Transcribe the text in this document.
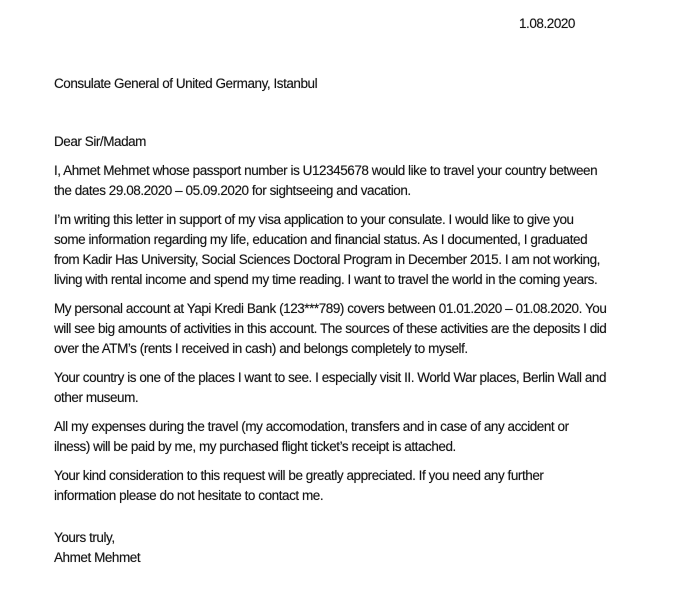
1.08.2020
Consulate General of United Germany, Istanbul
Dear Sir/Madam

I, Ahmet Mehmet whose passport number is U12345678 would like to travel your country between
the dates 29.08.2020 – 05.09.2020 for sightseeing and vacation.

I’m writing this letter in support of my visa application to your consulate. I would like to give you
some information regarding my life, education and financial status. As I documented, I graduated
from Kadir Has University, Social Sciences Doctoral Program in December 2015. I am not working,
living with rental income and spend my time reading. I want to travel the world in the coming years.

My personal account at Yapi Kredi Bank (123***789) covers between 01.01.2020 – 01.08.2020. You
will see big amounts of activities in this account. The sources of these activities are the deposits I did
over the ATM’s (rents I received in cash) and belongs completely to myself.

Your country is one of the places I want to see. I especially visit II. World War places, Berlin Wall and
other museum.

All my expenses during the travel (my accomodation, transfers and in case of any accident or
ilness) will be paid by me, my purchased flight ticket’s receipt is attached.

Your kind consideration to this request will be greatly appreciated. If you need any further
information please do not hesitate to contact me.

Yours truly,
Ahmet Mehmet
